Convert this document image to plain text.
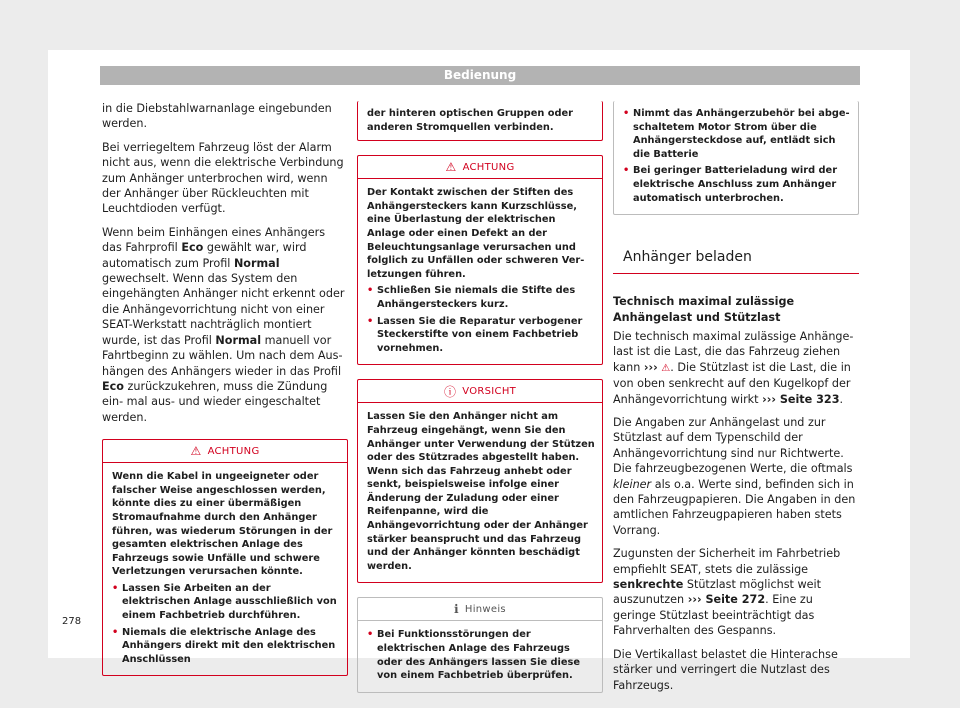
Bedienung

in die Diebstahlwarnanlage eingebunden werden.

Bei verriegeltem Fahrzeug löst der Alarm nicht aus, wenn die elektrische Verbindung zum Anhänger unterbrochen wird, wenn der Anhänger über Rückleuchten mit Leuchtdioden verfügt.

Wenn beim Einhängen eines Anhängers das Fahrprofil Eco gewählt war, wird automatisch zum Profil Normal gewechselt. Wenn das System den eingehängten Anhänger nicht erkennt oder die Anhängevorrichtung nicht von einer SEAT-Werkstatt nachträglich montiert wurde, ist das Profil Normal manuell vor Fahrtbeginn zu wählen. Um nach dem Aushängen des Anhängers wieder in das Profil Eco zurückzukehren, muss die Zündung ein- mal aus- und wieder eingeschaltet werden.

⚠ ACHTUNG
Wenn die Kabel in ungeeigneter oder falscher Weise angeschlossen werden, könnte dies zu einer übermäßigen Stromaufnahme durch den Anhänger führen, was wiederum Störungen in der gesamten elektrischen Anlage des Fahrzeugs sowie Unfälle und schwere Verletzungen verursachen könnte.
• Lassen Sie Arbeiten an der elektrischen Anlage ausschließlich von einem Fachbetrieb durchführen.
• Niemals die elektrische Anlage des Anhängers direkt mit den elektrischen Anschlüssen
der hinteren optischen Gruppen oder anderen Stromquellen verbinden.
⚠ ACHTUNG
Der Kontakt zwischen der Stiften des Anhängersteckers kann Kurzschlüsse, eine Überlastung der elektrischen Anlage oder einen Defekt an der Beleuchtungsanlage verursachen und folglich zu Unfällen oder schweren Verletzungen führen.
• Schließen Sie niemals die Stifte des Anhängersteckers kurz.
• Lassen Sie die Reparatur verbogener Steckerstifte von einem Fachbetrieb vornehmen.
ⓘ VORSICHT
Lassen Sie den Anhänger nicht am Fahrzeug eingehängt, wenn Sie den Anhänger unter Verwendung der Stützen oder des Stützrades abgestellt haben. Wenn sich das Fahrzeug anhebt oder senkt, beispielsweise infolge einer Änderung der Zuladung oder einer Reifenpanne, wird die Anhängevorrichtung oder der Anhänger stärker beansprucht und das Fahrzeug und der Anhänger könnten beschädigt werden.
ℹ Hinweis
• Bei Funktionsstörungen der elektrischen Anlage des Fahrzeugs oder des Anhängers lassen Sie diese von einem Fachbetrieb überprüfen.
• Nimmt das Anhängerzubehör bei abgeschaltetem Motor Strom über die Anhängersteckdose auf, entlädt sich die Batterie
• Bei geringer Batterieladung wird der elektrische Anschluss zum Anhänger automatisch unterbrochen.
Anhänger beladen
Technisch maximal zulässige Anhängelast und Stützlast

Die technisch maximal zulässige Anhängelast ist die Last, die das Fahrzeug ziehen kann ››› ⚠. Die Stützlast ist die Last, die in von oben senkrecht auf den Kugelkopf der Anhängevorrichtung wirkt ››› Seite 323.

Die Angaben zur Anhängelast und zur Stützlast auf dem Typenschild der Anhängevorrichtung sind nur Richtwerte. Die fahrzeugbezogenen Werte, die oftmals kleiner als o.a. Werte sind, befinden sich in den Fahrzeugpapieren. Die Angaben in den amtlichen Fahrzeugpapieren haben stets Vorrang.

Zugunsten der Sicherheit im Fahrbetrieb empfiehlt SEAT, stets die zulässige senkrechte Stützlast möglichst weit auszunutzen ››› Seite 272. Eine zu geringe Stützlast beeinträchtigt das Fahrverhalten des Gespanns.

Die Vertikallast belastet die Hinterachse stärker und verringert die Nutzlast des Fahrzeugs.

278
